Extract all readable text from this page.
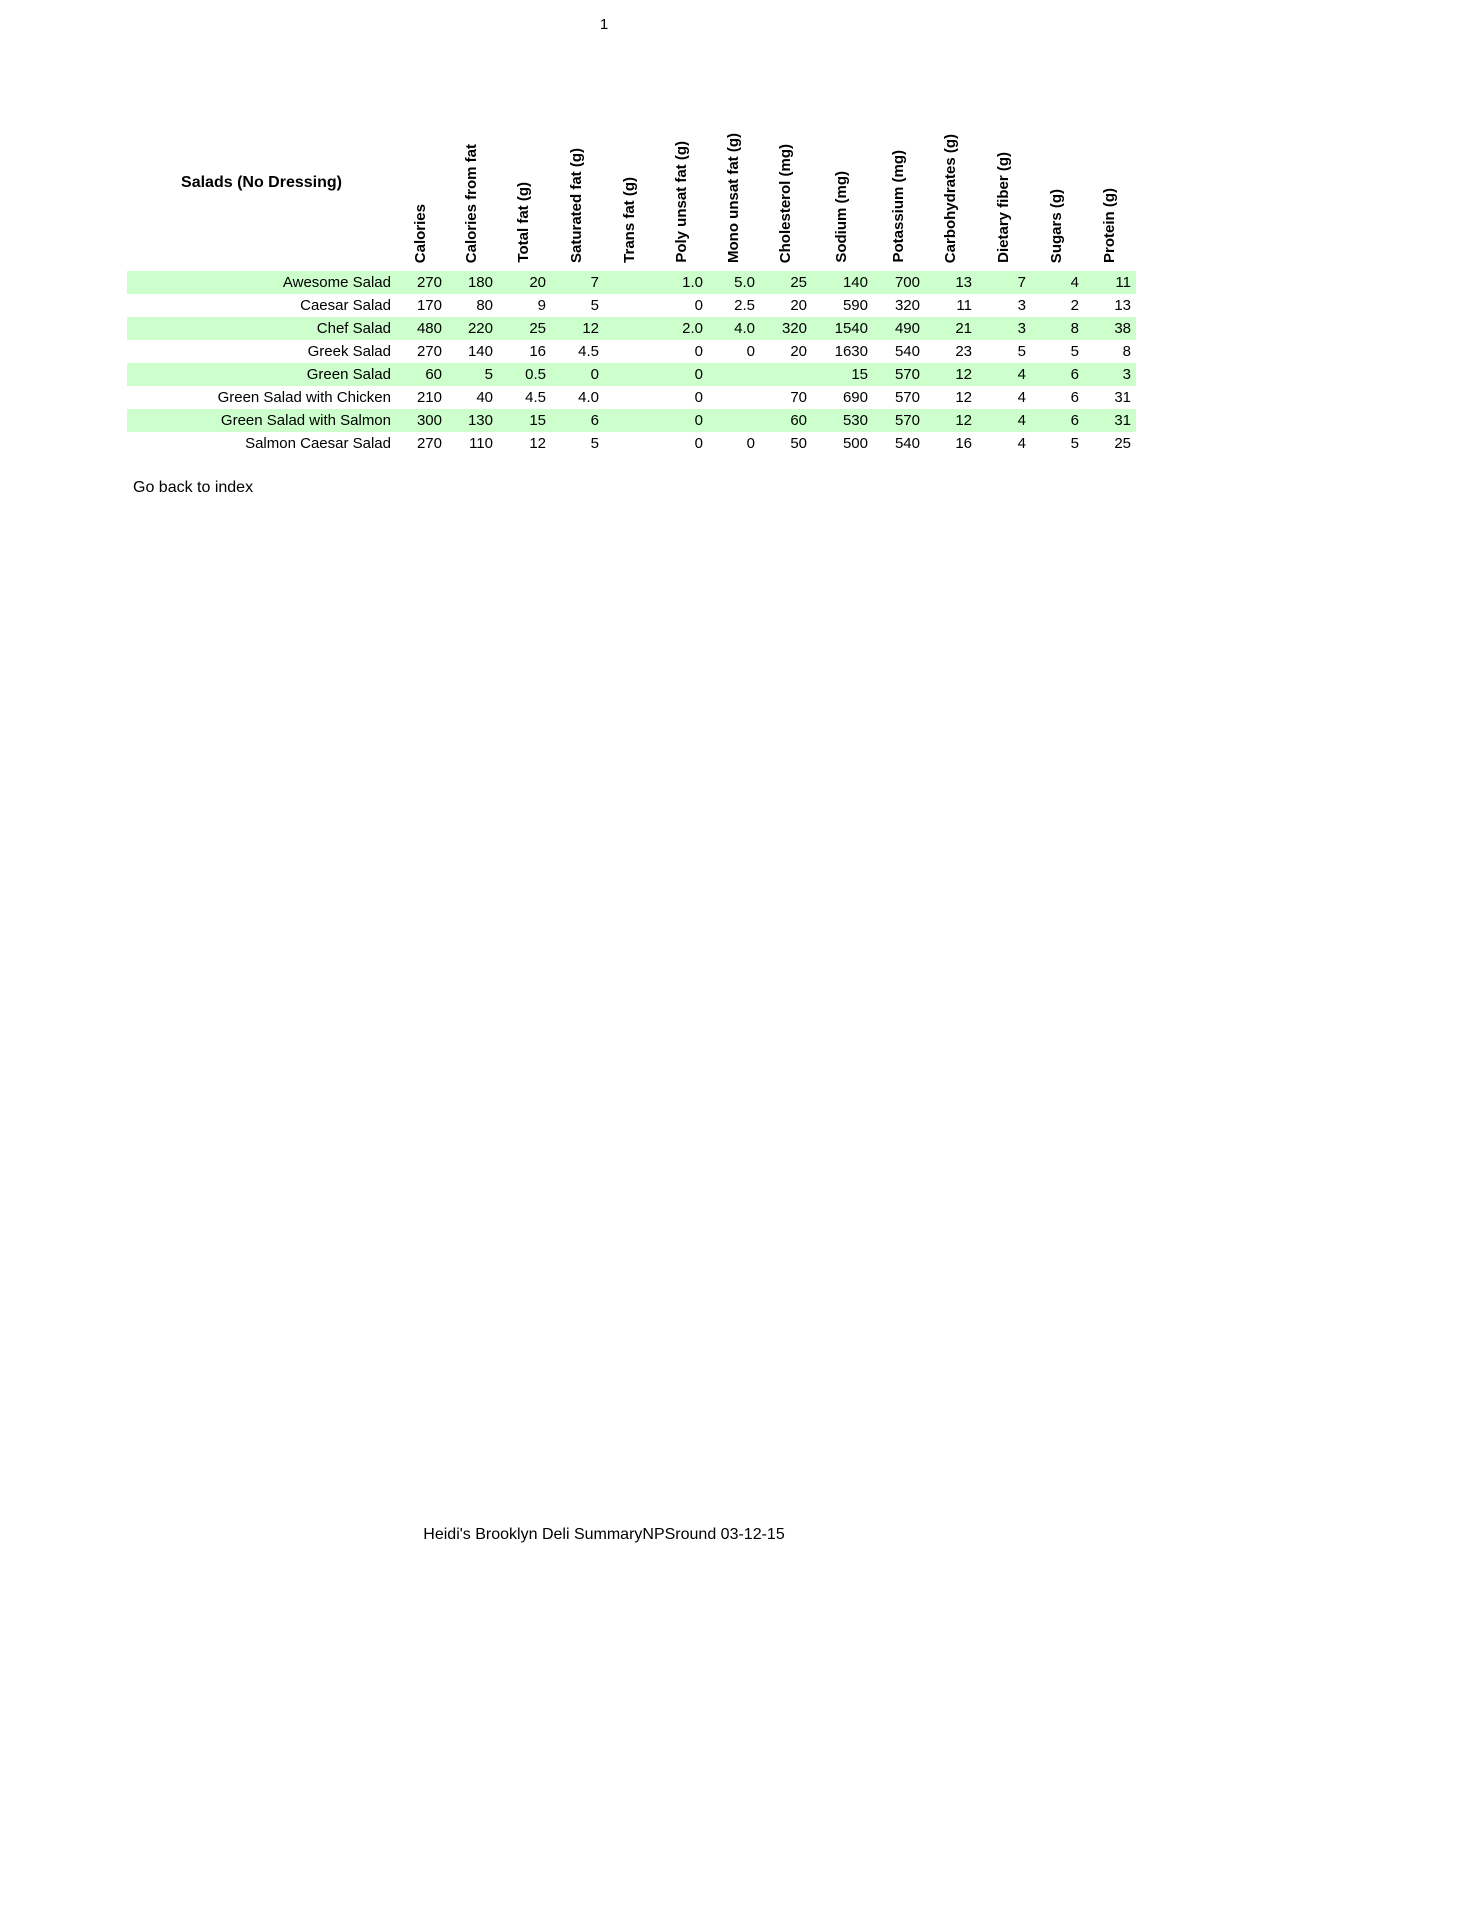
1
Salads (No Dressing)	Calories	Calories from fat	Total fat (g)	Saturated fat (g)	Trans fat (g)	Poly unsat fat (g)	Mono unsat fat (g)	Cholesterol (mg)	Sodium (mg)	Potassium (mg)	Carbohydrates (g)	Dietary fiber (g)	Sugars (g)	Protein (g)
Awesome Salad	270	180	20	7		1.0	5.0	25	140	700	13	7	4	11
Caesar Salad	170	80	9	5		0	2.5	20	590	320	11	3	2	13
Chef Salad	480	220	25	12		2.0	4.0	320	1540	490	21	3	8	38
Greek Salad	270	140	16	4.5		0	0	20	1630	540	23	5	5	8
Green Salad	60	5	0.5	0		0			15	570	12	4	6	3
Green Salad with Chicken	210	40	4.5	4.0		0		70	690	570	12	4	6	31
Green Salad with Salmon	300	130	15	6		0		60	530	570	12	4	6	31
Salmon Caesar Salad	270	110	12	5		0	0	50	500	540	16	4	5	25
Go back to index
Heidi's Brooklyn Deli SummaryNPSround 03-12-15
